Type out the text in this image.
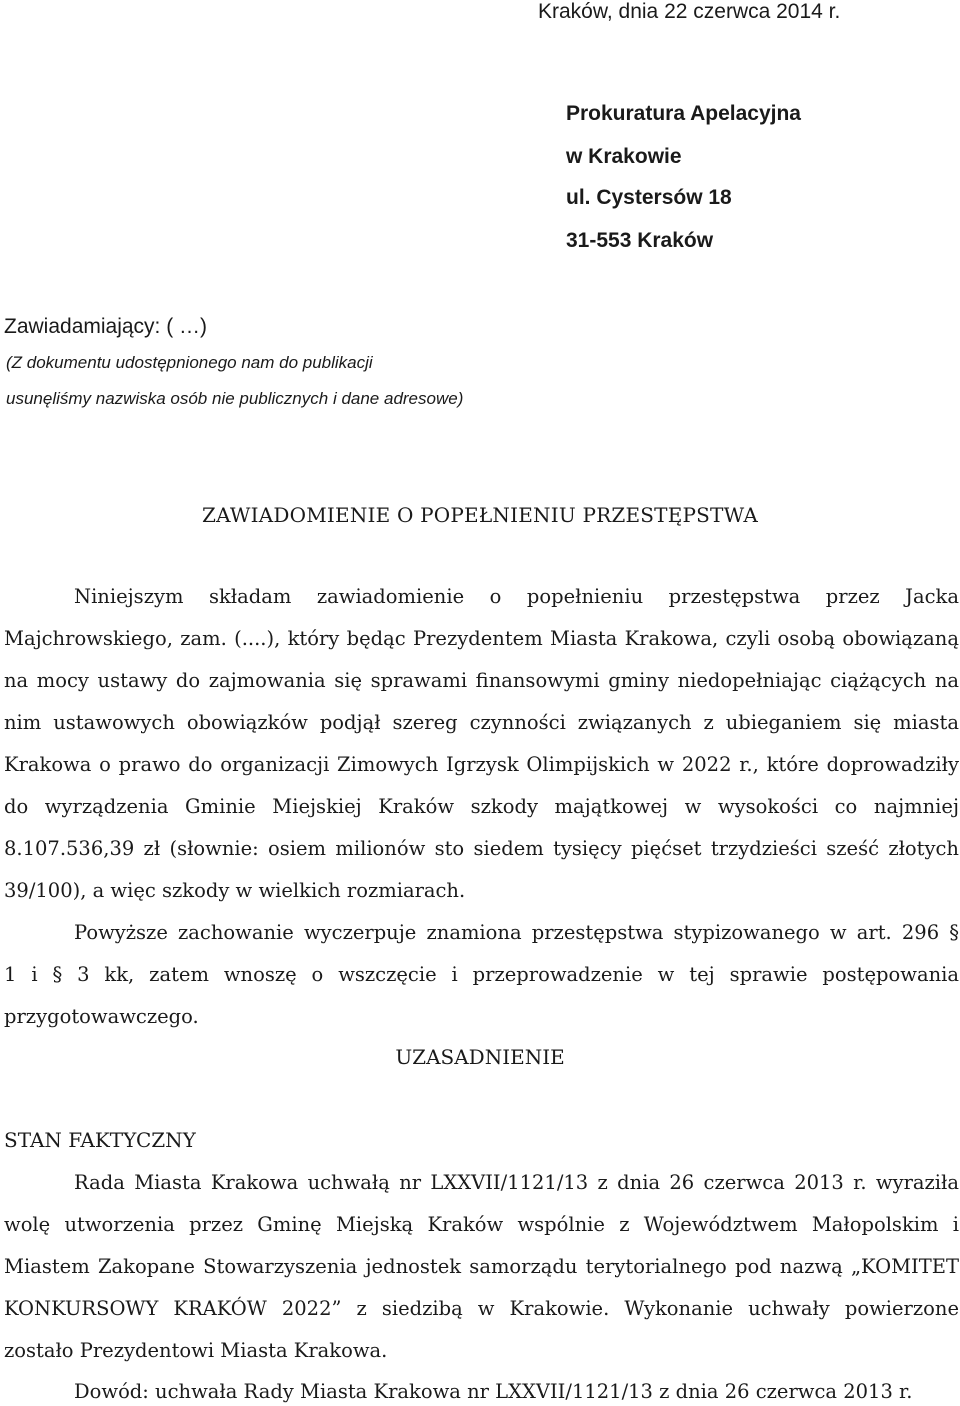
Kraków, dnia 22 czerwca 2014 r.
Prokuratura Apelacyjna
w Krakowie
ul. Cystersów 18
31-553 Kraków
Zawiadamiający: ( …)
(Z dokumentu udostępnionego nam do publikacji
usunęliśmy nazwiska osób nie publicznych i dane adresowe)
ZAWIADOMIENIE O POPEŁNIENIU PRZESTĘPSTWA
Niniejszym składam zawiadomienie o popełnieniu przestępstwa przez Jacka
Majchrowskiego, zam. (....), który będąc Prezydentem Miasta Krakowa, czyli osobą obowiązaną
na mocy ustawy do zajmowania się sprawami finansowymi gminy niedopełniając ciążących na
nim ustawowych obowiązków podjął szereg czynności związanych z ubieganiem się miasta
Krakowa o prawo do organizacji Zimowych Igrzysk Olimpijskich w 2022 r., które doprowadziły
do wyrządzenia Gminie Miejskiej Kraków szkody majątkowej w wysokości co najmniej
8.107.536,39 zł (słownie: osiem milionów sto siedem tysięcy pięćset trzydzieści sześć złotych
39/100), a więc szkody w wielkich rozmiarach.
Powyższe zachowanie wyczerpuje znamiona przestępstwa stypizowanego w art. 296 §
1 i § 3 kk, zatem wnoszę o wszczęcie i przeprowadzenie w tej sprawie postępowania
przygotowawczego.
UZASADNIENIE
STAN FAKTYCZNY
Rada Miasta Krakowa uchwałą nr LXXVII/1121/13 z dnia 26 czerwca 2013 r. wyraziła
wolę utworzenia przez Gminę Miejską Kraków wspólnie z Województwem Małopolskim i
Miastem Zakopane Stowarzyszenia jednostek samorządu terytorialnego pod nazwą „KOMITET
KONKURSOWY KRAKÓW 2022” z siedzibą w Krakowie. Wykonanie uchwały powierzone
zostało Prezydentowi Miasta Krakowa.
Dowód: uchwała Rady Miasta Krakowa nr LXXVII/1121/13 z dnia 26 czerwca 2013 r.
